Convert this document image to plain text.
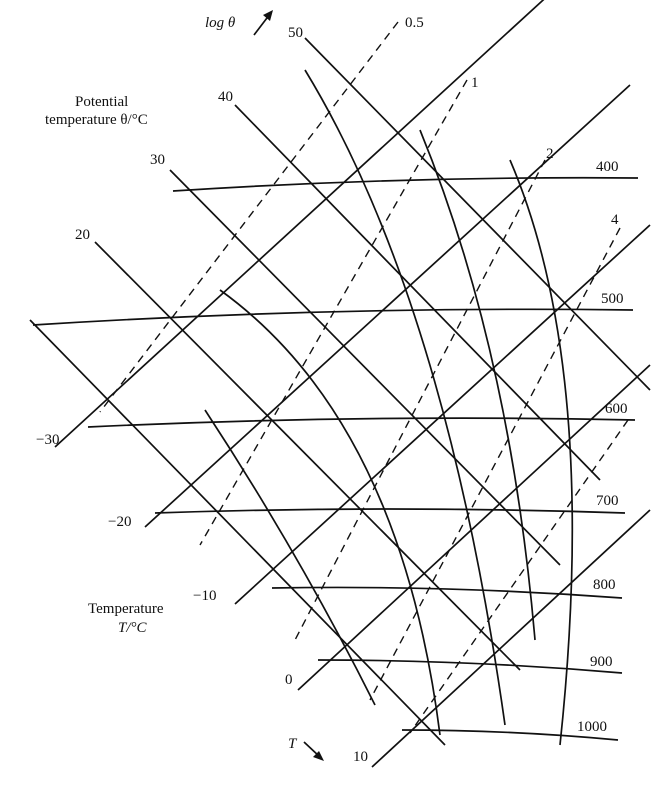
log θ
Potential
temperature θ/°C
20
30
40
50
Temperature
T/°C
−30
−20
−10
0
10
T
400
500
600
700
800
900
1000
0.5
1
2
4
